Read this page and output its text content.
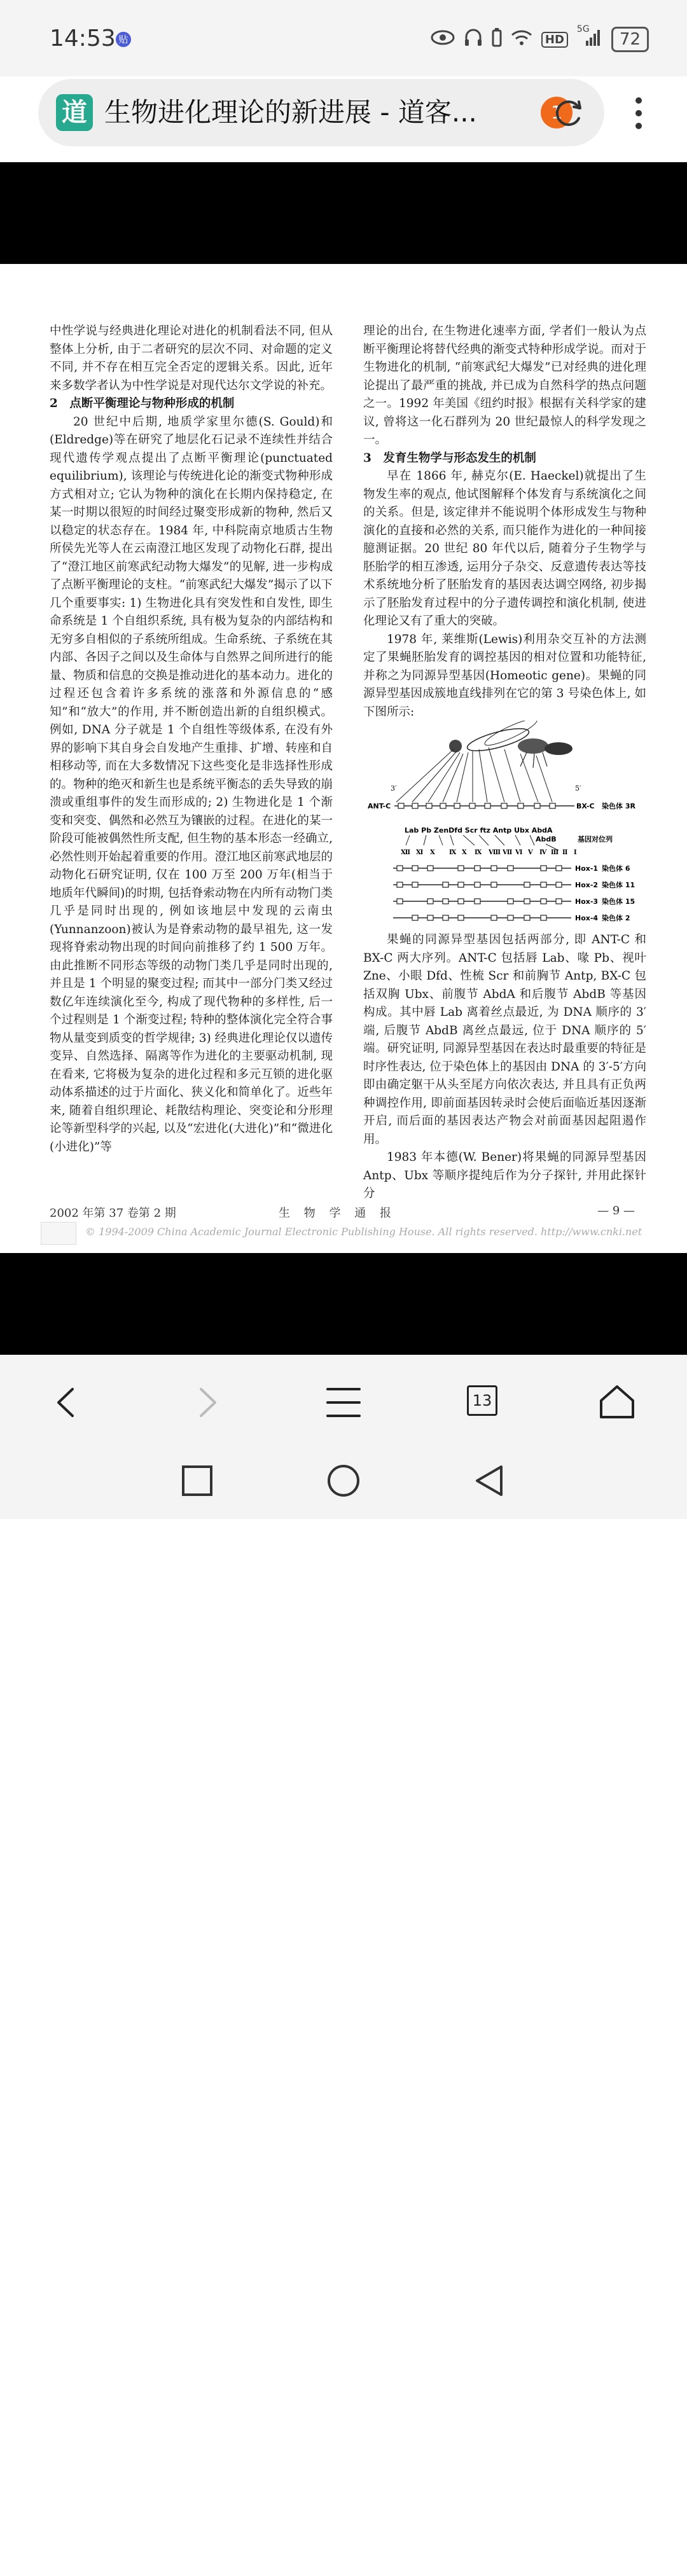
14:53 贴	HD
5G
72
道 生物进化理论的新进展 - 道客...	1

中性学说与经典进化理论对进化的机制看法不同, 但从整体上分析, 由于二者研究的层次不同、对命题的定义不同, 并不存在相互完全否定的逻辑关系。因此, 近年来多数学者认为中性学说是对现代达尔文学说的补充。

2　点断平衡理论与物种形成的机制

20 世纪中后期, 地质学家里尔德(S. Gould)和(Eldredge)等在研究了地层化石记录不连续性并结合现代遗传学观点提出了点断平衡理论(punctuated equilibrium), 该理论与传统进化论的渐变式物种形成方式相对立; 它认为物种的演化在长期内保持稳定, 在某一时期以很短的时间经过聚变形成新的物种, 然后又以稳定的状态存在。1984 年, 中科院南京地质古生物所侯先光等人在云南澄江地区发现了动物化石群, 提出了“澄江地区前寒武纪动物大爆发”的见解, 进一步构成了点断平衡理论的支柱。“前寒武纪大爆发”揭示了以下几个重要事实: 1) 生物进化具有突发性和自发性, 即生命系统是 1 个自组织系统, 具有极为复杂的内部结构和无穷多自相似的子系统所组成。生命系统、子系统在其内部、各因子之间以及生命体与自然界之间所进行的能量、物质和信息的交换是推动进化的基本动力。进化的过程还包含着许多系统的涨落和外源信息的“感知”和“放大”的作用, 并不断创造出新的自组织模式。例如, DNA 分子就是 1 个自组性等级体系, 在没有外界的影响下其自身会自发地产生重排、扩增、转座和自相移动等, 而在大多数情况下这些变化是非选择性形成的。物种的绝灭和新生也是系统平衡态的丢失导致的崩溃或重组事件的发生而形成的; 2) 生物进化是 1 个渐变和突变、偶然和必然互为镶嵌的过程。在进化的某一阶段可能被偶然性所支配, 但生物的基本形态一经确立, 必然性则开始起着重要的作用。澄江地区前寒武地层的动物化石研究证明, 仅在 100 万至 200 万年(相当于地质年代瞬间)的时期, 包括脊索动物在内所有动物门类几乎是同时出现的, 例如该地层中发现的云南虫(Yunnanzoon)被认为是脊索动物的最早祖先, 这一发现将脊索动物出现的时间向前推移了约 1 500 万年。由此推断不同形态等级的动物门类几乎是同时出现的, 并且是 1 个明显的聚变过程; 而其中一部分门类又经过数亿年连续演化至今, 构成了现代物种的多样性, 后一个过程则是 1 个渐变过程; 特种的整体演化完全符合事物从量变到质变的哲学规律; 3) 经典进化理论仅以遗传变异、自然选择、隔离等作为进化的主要驱动机制, 现在看来, 它将极为复杂的进化过程和多元互锁的进化驱动体系描述的过于片面化、狭义化和简单化了。近些年来, 随着自组织理论、耗散结构理论、突变论和分形理论等新型科学的兴起, 以及“宏进化(大进化)”和“微进化(小进化)”等

理论的出台, 在生物进化速率方面, 学者们一般认为点断平衡理论将替代经典的渐变式特种形成学说。而对于生物进化的机制, “前寒武纪大爆发”已对经典的进化理论提出了最严重的挑战, 并已成为自然科学的热点问题之一。1992 年美国《纽约时报》根据有关科学家的建议, 曾将这一化石群列为 20 世纪最惊人的科学发现之一。

3　发育生物学与形态发生的机制

早在 1866 年, 赫克尔(E. Haeckel)就提出了生物发生率的观点, 他试图解释个体发育与系统演化之间的关系。但是, 该定律并不能说明个体形成发生与物种演化的直接和必然的关系, 而只能作为进化的一种间接臆测证据。20 世纪 80 年代以后, 随着分子生物学与胚胎学的相互渗透, 运用分子杂交、反意遗传表达等技术系统地分析了胚胎发育的基因表达调空网络, 初步揭示了胚胎发育过程中的分子遗传调控和演化机制, 使进化理论又有了重大的突破。

1978 年, 莱维斯(Lewis)利用杂交互补的方法测定了果蝇胚胎发育的调控基因的相对位置和功能特征, 并称之为同源异型基因(Homeotic gene)。果蝇的同源异型基因成簇地直线排列在它的第 3 号染色体上, 如下图所示:

果蝇的同源异型基因包括两部分, 即 ANT-C 和 BX-C 两大序列。ANT-C 包括唇 Lab、喙 Pb、视叶 Zne、小眼 Dfd、性梳 Scr 和前胸节 Antp, BX-C 包括双胸 Ubx、前腹节 AbdA 和后腹节 AbdB 等基因构成。其中唇 Lab 离着丝点最近, 为 DNA 顺序的 3′端, 后腹节 AbdB 离丝点最远, 位于 DNA 顺序的 5′端。研究证明, 同源异型基因在表达时最重要的特征是时序性表达, 位于染色体上的基因由 DNA 的 3′-5′方向即由确定躯干从头至尾方向依次表达, 并且具有正负两种调控作用, 即前面基因转录时会使后面临近基因逐渐开启, 而后面的基因表达产物会对前面基因起阻遏作用。

1983 年本德(W. Bener)将果蝇的同源异型基因 Antp、Ubx 等顺序提纯后作为分子探针, 并用此探针分

3′	5′
ANT-C	BX-C 染色体 3R
Lab Pb ZenDfd Scr ftz Antp Ubx AbdA
AbdB	基因对位列
Ⅻ Ⅺ Ⅹ Ⅸ Ⅹ Ⅸ Ⅷ Ⅶ Ⅵ Ⅴ Ⅳ Ⅲ Ⅱ Ⅰ
Hox-1 染色体 6
Hox-2 染色体 11
Hox-3 染色体 15
Hox-4 染色体 2
2002 年第 37 卷第 2 期	生 物 学 通 报	— 9 —
© 1994-2009 China Academic Journal Electronic Publishing House. All rights reserved. http://www.cnki.net
2/3
13
